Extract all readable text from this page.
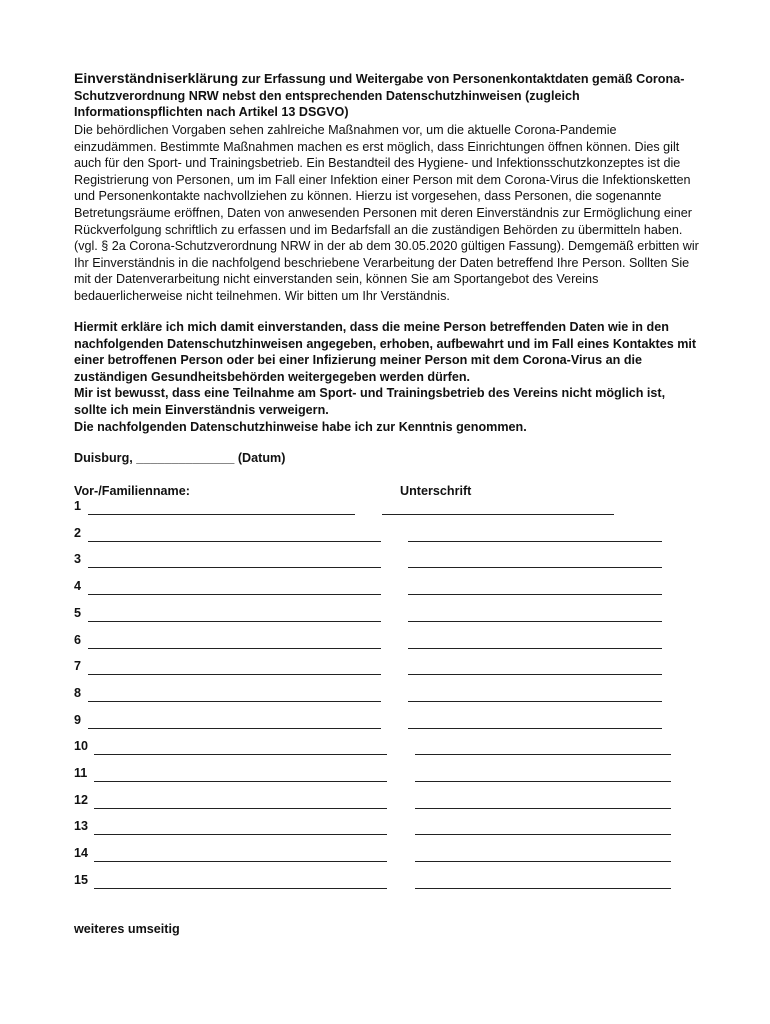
Einverständniserklärung zur Erfassung und Weitergabe von Personenkontaktdaten gemäß Corona-Schutzverordnung NRW nebst den entsprechenden Datenschutzhinweisen (zugleich Informationspflichten nach Artikel 13 DSGVO)
Die behördlichen Vorgaben sehen zahlreiche Maßnahmen vor, um die aktuelle Corona-Pandemie einzudämmen. Bestimmte Maßnahmen machen es erst möglich, dass Einrichtungen öffnen können. Dies gilt auch für den Sport- und Trainingsbetrieb. Ein Bestandteil des Hygiene- und Infektionsschutzkonzeptes ist die Registrierung von Personen, um im Fall einer Infektion einer Person mit dem Corona-Virus die Infektionsketten und Personenkontakte nachvollziehen zu können. Hierzu ist vorgesehen, dass Personen, die sogenannte Betretungsräume eröffnen, Daten von anwesenden Personen mit deren Einverständnis zur Ermöglichung einer Rückverfolgung schriftlich zu erfassen und im Bedarfsfall an die zuständigen Behörden zu übermitteln haben. (vgl. § 2a Corona-Schutzverordnung NRW in der ab dem 30.05.2020 gültigen Fassung). Demgemäß erbitten wir Ihr Einverständnis in die nachfolgend beschriebene Verarbeitung der Daten betreffend Ihre Person. Sollten Sie mit der Datenverarbeitung nicht einverstanden sein, können Sie am Sportangebot des Vereins bedauerlicherweise nicht teilnehmen. Wir bitten um Ihr Verständnis.

Hiermit erkläre ich mich damit einverstanden, dass die meine Person betreffenden Daten wie in den nachfolgenden Datenschutzhinweisen angegeben, erhoben, aufbewahrt und im Fall eines Kontaktes mit einer betroffenen Person oder bei einer Infizierung meiner Person mit dem Corona-Virus an die zuständigen Gesundheitsbehörden weitergegeben werden dürfen.

Mir ist bewusst, dass eine Teilnahme am Sport- und Trainingsbetrieb des Vereins nicht möglich ist, sollte ich mein Einverständnis verweigern.

Die nachfolgenden Datenschutzhinweise habe ich zur Kenntnis genommen.

Duisburg, ______________ (Datum)
Vor-/Familienname:	Unterschrift
1
2
3
4
5
6
7
8
9
10
11
12
13
14
15
weiteres umseitig
